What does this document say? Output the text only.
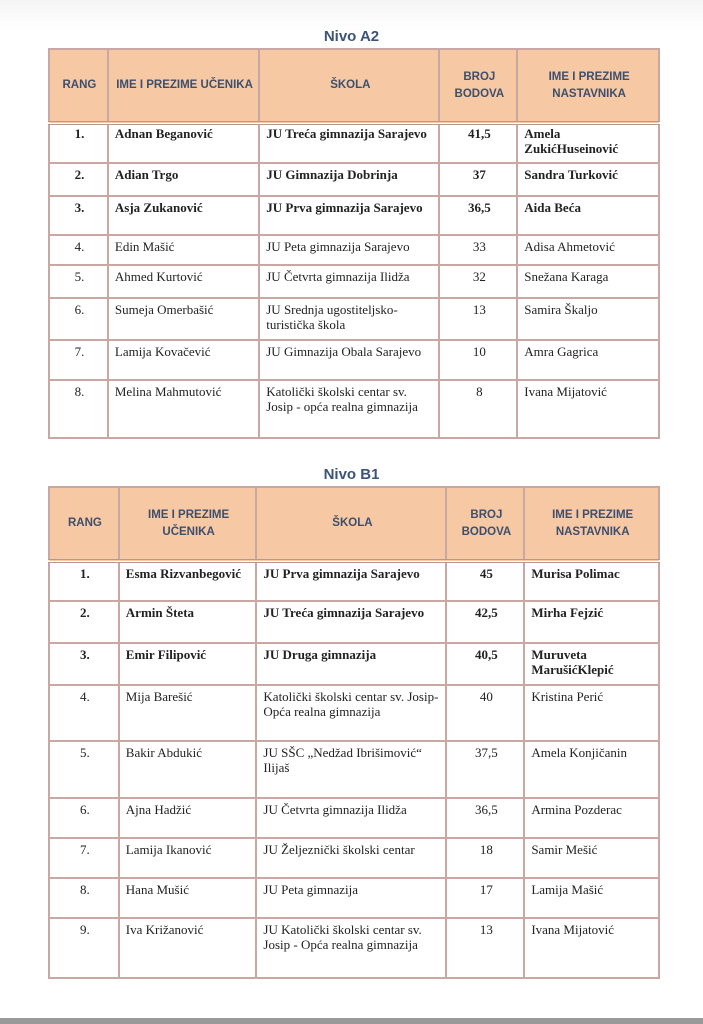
Nivo A2
RANG	IME I PREZIME UČENIKA	ŠKOLA	BROJ BODOVA	IME I PREZIME NASTAVNIKA
1.	Adnan Beganović	JU Treća gimnazija Sarajevo	41,5	Amela ZukićHuseinović
2.	Adian Trgo	JU Gimnazija Dobrinja	37	Sandra Turković
3.	Asja Zukanović	JU Prva gimnazija Sarajevo	36,5	Aida Beća
4.	Edin Mašić	JU Peta gimnazija Sarajevo	33	Adisa Ahmetović
5.	Ahmed Kurtović	JU Četvrta gimnazija Ilidža	32	Snežana Karaga
6.	Sumeja Omerbašić	JU Srednja ugostiteljsko-turistička škola	13	Samira Škaljo
7.	Lamija Kovačević	JU Gimnazija Obala Sarajevo	10	Amra Gagrica
8.	Melina Mahmutović	Katolički školski centar sv. Josip - opća realna gimnazija	8	Ivana Mijatović
Nivo B1
RANG	IME I PREZIME UČENIKA	ŠKOLA	BROJ BODOVA	IME I PREZIME NASTAVNIKA
1.	Esma Rizvanbegović	JU Prva gimnazija Sarajevo	45	Murisa Polimac
2.	Armin Šteta	JU Treća gimnazija Sarajevo	42,5	Mirha Fejzić
3.	Emir Filipović	JU Druga gimnazija	40,5	Muruveta MarušićKlepić
4.	Mija Barešić	Katolički školski centar sv. Josip- Opća realna gimnazija	40	Kristina Perić
5.	Bakir Abdukić	JU SŠC „Nedžad Ibrišimović“ Ilijaš	37,5	Amela Konjičanin
6.	Ajna Hadžić	JU Četvrta gimnazija Ilidža	36,5	Armina Pozderac
7.	Lamija Ikanović	JU Željeznički školski centar	18	Samir Mešić
8.	Hana Mušić	JU Peta gimnazija	17	Lamija Mašić
9.	Iva Križanović	JU Katolički školski centar sv. Josip - Opća realna gimnazija	13	Ivana Mijatović
